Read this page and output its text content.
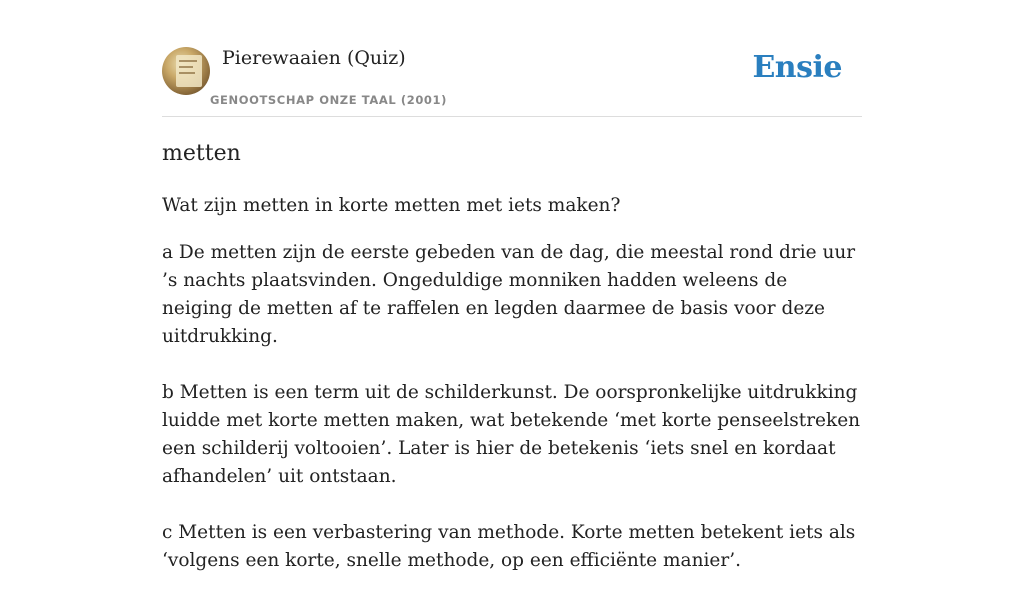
Pierewaaien (Quiz)
GENOOTSCHAP ONZE TAAL (2001)
Ensie
metten
Wat zijn metten in korte metten met iets maken?

a De metten zijn de eerste gebeden van de dag, die meestal rond drie uur ’s nachts plaatsvinden. Ongeduldige monniken hadden weleens de neiging de metten af te raffelen en legden daarmee de basis voor deze uitdrukking.

b Metten is een term uit de schilderkunst. De oorspronkelijke uitdrukking luidde met korte metten maken, wat betekende ‘met korte penseelstreken een schilderij voltooien’. Later is hier de betekenis ‘iets snel en kordaat afhandelen’ uit ontstaan.

c Metten is een verbastering van methode. Korte metten betekent iets als ‘volgens een korte, snelle methode, op een efficiënte manier’.
